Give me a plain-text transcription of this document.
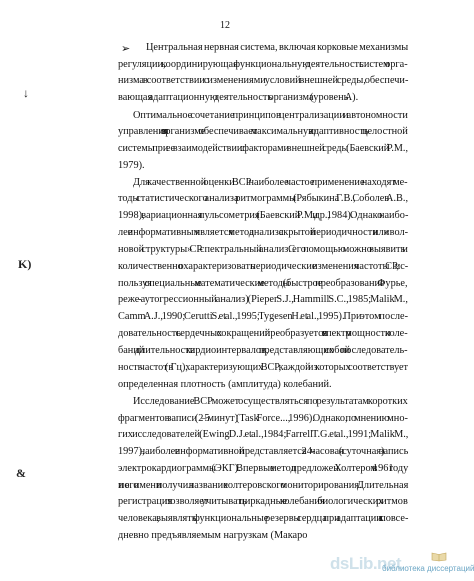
12
➢
↓
K)
&
Центральная нервная система, включая корковые механизмы
регуляции, координирующая функциональную деятельность систем орга-
низма в соответствии с изменениями условий внешней среды, обеспечи-
вающая адаптационную деятельность организма (уровень А).
Оптимальное сочетание принципов централизации и автономности
управления в организме обеспечивает максимальную адаптивность целостной
системы при ее взаимодействии с факторами внешней среды (Баевский Р.М.,
1979).
Для качественной оценки ВСР наиболее частое применение находят ме-
тоды статистического анализа ритмограммы (Рябыкина Г.В., Соболев А.В.,
1998), вариационная пульсометрия (Баевский Р.М. и др., 1984). Однако наибо-
лее информативным является метод анализа скрытой периодичности или «вол-
новой структуры» СР - спектральный анализ. С его помощью можно выявить и
количественно охарактеризовать периодические изменения частоты СР, ис-
пользуя специальные математические методы (быстрое преобразование Фурье,
реже - аутогрессионный анализ) (Pieper S.J., Hammill S.C., 1985; Malik M.,
Camm A.J., 1990; Cerutti S. et al., 1995; Tygesen H. et al., 1995). При этом после-
довательность сердечных сокращений преобразуется в спектр мощности коле-
баний длительности кардиоинтервалов, представляющих собой последователь-
ность частот (в Гц), характеризующих ВСР, каждой из которых соответствует
определенная плотность (амплитуда) колебаний.
Исследование ВСР может осуществляться по результатам коротких
фрагментов записи (2 – 5 минут) (Task Force..., 1996). Однако, по мнению мно-
гих исследователей (Ewing D.J. et al., 1984; Farrell T.G. et al., 1991; Malik M.,
1997), наиболее информативной представляется 24- часовая (суточная) запись
электрокардиограммы (ЭКГ). Впервые метод предложен Холтером в 1961 году
и по его имени получил название холтеровского мониторирования. Длительная
регистрация позволяет учитывать циркадные колебания биологических ритмов
человека, выявлять функциональные резервы сердца при адаптации к повсе-
дневно предъявляемым нагрузкам (Макаро
dsLib.net
библиотека диссертаций
